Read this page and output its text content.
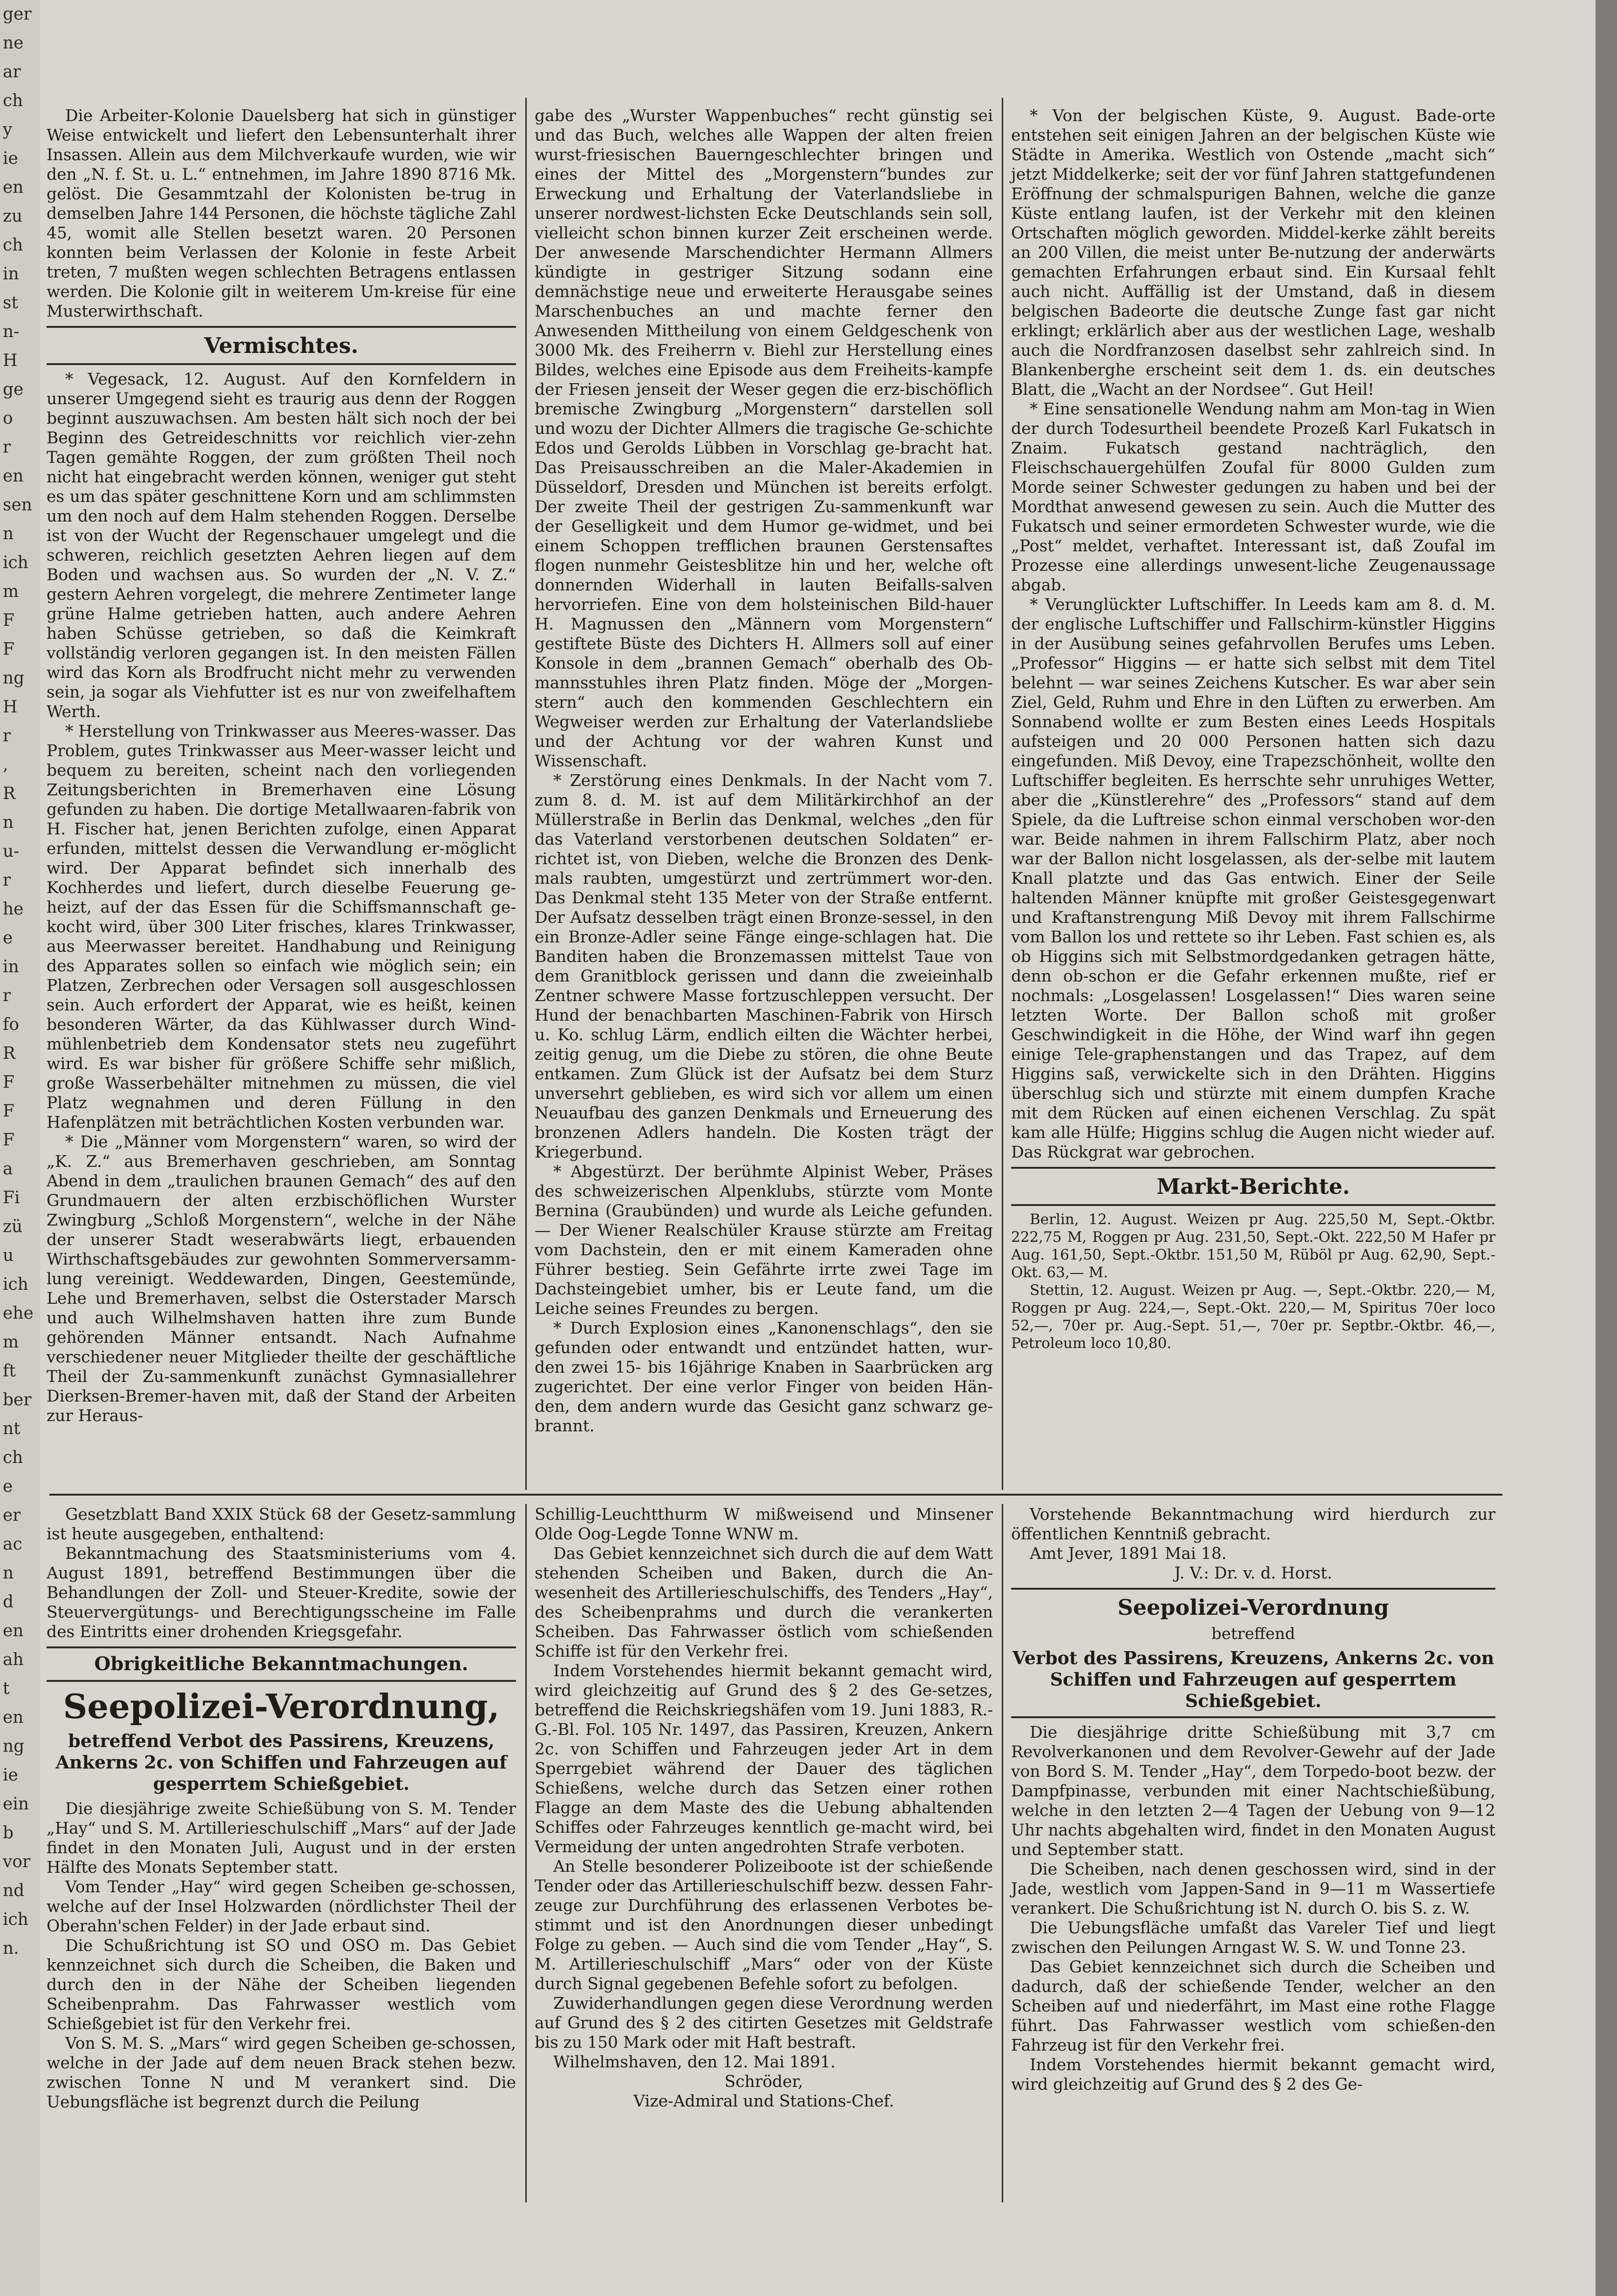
ger
ne
ar
ch
y
ie
en
zu
ch
in
st
n-
H
ge
o
r
en
sen
n
ich
m
F
F
ng
H
r
,
R
n
u-
r
he
e
in
r
fo
R
F
F
F
a
Fi
zü
u
ich
ehe
m
ft
ber
nt
ch
e
er
ac
n
d
en
ah
t
en
ng
ie
ein
b
vor
nd
ich
n.

Die Arbeiter-Kolonie Dauelsberg hat sich in günstiger Weise entwickelt und liefert den Lebensunterhalt ihrer Insassen. Allein aus dem Milchverkaufe wurden, wie wir den „N. f. St. u. L.“ entnehmen, im Jahre 1890 8716 Mk. gelöst. Die Gesammtzahl der Kolonisten be-trug in demselben Jahre 144 Personen, die höchste tägliche Zahl 45, womit alle Stellen besetzt waren. 20 Personen konnten beim Verlassen der Kolonie in feste Arbeit treten, 7 mußten wegen schlechten Betragens entlassen werden. Die Kolonie gilt in weiterem Um-kreise für eine Musterwirthschaft.

Vermischtes.

* Vegesack, 12. August. Auf den Kornfeldern in unserer Umgegend sieht es traurig aus denn der Roggen beginnt auszuwachsen. Am besten hält sich noch der bei Beginn des Getreideschnitts vor reichlich vier-zehn Tagen gemähte Roggen, der zum größten Theil noch nicht hat eingebracht werden können, weniger gut steht es um das später geschnittene Korn und am schlimmsten um den noch auf dem Halm stehenden Roggen. Derselbe ist von der Wucht der Regenschauer umgelegt und die schweren, reichlich gesetzten Aehren liegen auf dem Boden und wachsen aus. So wurden der „N. V. Z.“ gestern Aehren vorgelegt, die mehrere Zentimeter lange grüne Halme getrieben hatten, auch andere Aehren haben Schüsse getrieben, so daß die Keimkraft vollständig verloren gegangen ist. In den meisten Fällen wird das Korn als Brodfrucht nicht mehr zu verwenden sein, ja sogar als Viehfutter ist es nur von zweifelhaftem Werth.

* Herstellung von Trinkwasser aus Meeres-wasser. Das Problem, gutes Trinkwasser aus Meer-wasser leicht und bequem zu bereiten, scheint nach den vorliegenden Zeitungsberichten in Bremerhaven eine Lösung gefunden zu haben. Die dortige Metallwaaren-fabrik von H. Fischer hat, jenen Berichten zufolge, einen Apparat erfunden, mittelst dessen die Verwandlung er-möglicht wird. Der Apparat befindet sich innerhalb des Kochherdes und liefert, durch dieselbe Feuerung ge-heizt, auf der das Essen für die Schiffsmannschaft ge-kocht wird, über 300 Liter frisches, klares Trinkwasser, aus Meerwasser bereitet. Handhabung und Reinigung des Apparates sollen so einfach wie möglich sein; ein Platzen, Zerbrechen oder Versagen soll ausgeschlossen sein. Auch erfordert der Apparat, wie es heißt, keinen besonderen Wärter, da das Kühlwasser durch Wind-mühlenbetrieb dem Kondensator stets neu zugeführt wird. Es war bisher für größere Schiffe sehr mißlich, große Wasserbehälter mitnehmen zu müssen, die viel Platz wegnahmen und deren Füllung in den Hafenplätzen mit beträchtlichen Kosten verbunden war.

* Die „Männer vom Morgenstern“ waren, so wird der „K. Z.“ aus Bremerhaven geschrieben, am Sonntag Abend in dem „traulichen braunen Gemach“ des auf den Grundmauern der alten erzbischöflichen Wurster Zwingburg „Schloß Morgenstern“, welche in der Nähe der unserer Stadt weserabwärts liegt, erbauenden Wirthschaftsgebäudes zur gewohnten Sommerversamm-lung vereinigt. Weddewarden, Dingen, Geestemünde, Lehe und Bremerhaven, selbst die Osterstader Marsch und auch Wilhelmshaven hatten ihre zum Bunde gehörenden Männer entsandt. Nach Aufnahme verschiedener neuer Mitglieder theilte der geschäftliche Theil der Zu-sammenkunft zunächst Gymnasiallehrer Dierksen-Bremer-haven mit, daß der Stand der Arbeiten zur Heraus-

gabe des „Wurster Wappenbuches“ recht günstig sei und das Buch, welches alle Wappen der alten freien wurst-friesischen Bauerngeschlechter bringen und eines der Mittel des „Morgenstern“bundes zur Erweckung und Erhaltung der Vaterlandsliebe in unserer nordwest-lichsten Ecke Deutschlands sein soll, vielleicht schon binnen kurzer Zeit erscheinen werde. Der anwesende Marschendichter Hermann Allmers kündigte in gestriger Sitzung sodann eine demnächstige neue und erweiterte Herausgabe seines Marschenbuches an und machte ferner den Anwesenden Mittheilung von einem Geldgeschenk von 3000 Mk. des Freiherrn v. Biehl zur Herstellung eines Bildes, welches eine Episode aus dem Freiheits-kampfe der Friesen jenseit der Weser gegen die erz-bischöflich bremische Zwingburg „Morgenstern“ darstellen soll und wozu der Dichter Allmers die tragische Ge-schichte Edos und Gerolds Lübben in Vorschlag ge-bracht hat. Das Preisausschreiben an die Maler-Akademien in Düsseldorf, Dresden und München ist bereits erfolgt. Der zweite Theil der gestrigen Zu-sammenkunft war der Geselligkeit und dem Humor ge-widmet, und bei einem Schoppen trefflichen braunen Gerstensaftes flogen nunmehr Geistesblitze hin und her, welche oft donnernden Widerhall in lauten Beifalls-salven hervorriefen. Eine von dem holsteinischen Bild-hauer H. Magnussen den „Männern vom Morgenstern“ gestiftete Büste des Dichters H. Allmers soll auf einer Konsole in dem „brannen Gemach“ oberhalb des Ob-mannsstuhles ihren Platz finden. Möge der „Morgen-stern“ auch den kommenden Geschlechtern ein Wegweiser werden zur Erhaltung der Vaterlandsliebe und der Achtung vor der wahren Kunst und Wissenschaft.

* Zerstörung eines Denkmals. In der Nacht vom 7. zum 8. d. M. ist auf dem Militärkirchhof an der Müllerstraße in Berlin das Denkmal, welches „den für das Vaterland verstorbenen deutschen Soldaten“ er-richtet ist, von Dieben, welche die Bronzen des Denk-mals raubten, umgestürzt und zertrümmert wor-den. Das Denkmal steht 135 Meter von der Straße entfernt. Der Aufsatz desselben trägt einen Bronze-sessel, in den ein Bronze-Adler seine Fänge einge-schlagen hat. Die Banditen haben die Bronzemassen mittelst Taue von dem Granitblock gerissen und dann die zweieinhalb Zentner schwere Masse fortzuschleppen versucht. Der Hund der benachbarten Maschinen-Fabrik von Hirsch u. Ko. schlug Lärm, endlich eilten die Wächter herbei, zeitig genug, um die Diebe zu stören, die ohne Beute entkamen. Zum Glück ist der Aufsatz bei dem Sturz unversehrt geblieben, es wird sich vor allem um einen Neuaufbau des ganzen Denkmals und Erneuerung des bronzenen Adlers handeln. Die Kosten trägt der Kriegerbund.

* Abgestürzt. Der berühmte Alpinist Weber, Präses des schweizerischen Alpenklubs, stürzte vom Monte Bernina (Graubünden) und wurde als Leiche gefunden. — Der Wiener Realschüler Krause stürzte am Freitag vom Dachstein, den er mit einem Kameraden ohne Führer bestieg. Sein Gefährte irrte zwei Tage im Dachsteingebiet umher, bis er Leute fand, um die Leiche seines Freundes zu bergen.

* Durch Explosion eines „Kanonenschlags“, den sie gefunden oder entwandt und entzündet hatten, wur-den zwei 15- bis 16jährige Knaben in Saarbrücken arg zugerichtet. Der eine verlor Finger von beiden Hän-den, dem andern wurde das Gesicht ganz schwarz ge-brannt.

* Von der belgischen Küste, 9. August. Bade-orte entstehen seit einigen Jahren an der belgischen Küste wie Städte in Amerika. Westlich von Ostende „macht sich“ jetzt Middelkerke; seit der vor fünf Jahren stattgefundenen Eröffnung der schmalspurigen Bahnen, welche die ganze Küste entlang laufen, ist der Verkehr mit den kleinen Ortschaften möglich geworden. Middel-kerke zählt bereits an 200 Villen, die meist unter Be-nutzung der anderwärts gemachten Erfahrungen erbaut sind. Ein Kursaal fehlt auch nicht. Auffällig ist der Umstand, daß in diesem belgischen Badeorte die deutsche Zunge fast gar nicht erklingt; erklärlich aber aus der westlichen Lage, weshalb auch die Nordfranzosen daselbst sehr zahlreich sind. In Blankenberghe erscheint seit dem 1. ds. ein deutsches Blatt, die „Wacht an der Nordsee“. Gut Heil!

* Eine sensationelle Wendung nahm am Mon-tag in Wien der durch Todesurtheil beendete Prozeß Karl Fukatsch in Znaim. Fukatsch gestand nachträglich, den Fleischschauergehülfen Zoufal für 8000 Gulden zum Morde seiner Schwester gedungen zu haben und bei der Mordthat anwesend gewesen zu sein. Auch die Mutter des Fukatsch und seiner ermordeten Schwester wurde, wie die „Post“ meldet, verhaftet. Interessant ist, daß Zoufal im Prozesse eine allerdings unwesent-liche Zeugenaussage abgab.

* Verunglückter Luftschiffer. In Leeds kam am 8. d. M. der englische Luftschiffer und Fallschirm-künstler Higgins in der Ausübung seines gefahrvollen Berufes ums Leben. „Professor“ Higgins — er hatte sich selbst mit dem Titel belehnt — war seines Zeichens Kutscher. Es war aber sein Ziel, Geld, Ruhm und Ehre in den Lüften zu erwerben. Am Sonnabend wollte er zum Besten eines Leeds Hospitals aufsteigen und 20 000 Personen hatten sich dazu eingefunden. Miß Devoy, eine Trapezschönheit, wollte den Luftschiffer begleiten. Es herrschte sehr unruhiges Wetter, aber die „Künstlerehre“ des „Professors“ stand auf dem Spiele, da die Luftreise schon einmal verschoben wor-den war. Beide nahmen in ihrem Fallschirm Platz, aber noch war der Ballon nicht losgelassen, als der-selbe mit lautem Knall platzte und das Gas entwich. Einer der Seile haltenden Männer knüpfte mit großer Geistesgegenwart und Kraftanstrengung Miß Devoy mit ihrem Fallschirme vom Ballon los und rettete so ihr Leben. Fast schien es, als ob Higgins sich mit Selbstmordgedanken getragen hätte, denn ob-schon er die Gefahr erkennen mußte, rief er nochmals: „Losgelassen! Losgelassen!“ Dies waren seine letzten Worte. Der Ballon schoß mit großer Geschwindigkeit in die Höhe, der Wind warf ihn gegen einige Tele-graphenstangen und das Trapez, auf dem Higgins saß, verwickelte sich in den Drähten. Higgins überschlug sich und stürzte mit einem dumpfen Krache mit dem Rücken auf einen eichenen Verschlag. Zu spät kam alle Hülfe; Higgins schlug die Augen nicht wieder auf. Das Rückgrat war gebrochen.

Markt-Berichte.

Berlin, 12. August. Weizen pr Aug. 225,50 M, Sept.-Oktbr. 222,75 M, Roggen pr Aug. 231,50, Sept.-Okt. 222,50 M Hafer pr Aug. 161,50, Sept.-Oktbr. 151,50 M, Rüböl pr Aug. 62,90, Sept.-Okt. 63,— M.

Stettin, 12. August. Weizen pr Aug. —, Sept.-Oktbr. 220,— M, Roggen pr Aug. 224,—, Sept.-Okt. 220,— M, Spiritus 70er loco 52,—, 70er pr. Aug.-Sept. 51,—, 70er pr. Septbr.-Oktbr. 46,—, Petroleum loco 10,80.

Gesetzblatt Band XXIX Stück 68 der Gesetz-sammlung ist heute ausgegeben, enthaltend:

Bekanntmachung des Staatsministeriums vom 4. August 1891, betreffend Bestimmungen über die Behandlungen der Zoll- und Steuer-Kredite, sowie der Steuervergütungs- und Berechtigungsscheine im Falle des Eintritts einer drohenden Kriegsgefahr.

Obrigkeitliche Bekanntmachungen.
Seepolizei-Verordnung,
betreffend Verbot des Passirens, Kreuzens, Ankerns 2c. von Schiffen und Fahrzeugen auf gesperrtem Schießgebiet.

Die diesjährige zweite Schießübung von S. M. Tender „Hay“ und S. M. Artillerieschulschiff „Mars“ auf der Jade findet in den Monaten Juli, August und in der ersten Hälfte des Monats September statt.

Vom Tender „Hay“ wird gegen Scheiben ge-schossen, welche auf der Insel Holzwarden (nördlichster Theil der Oberahn'schen Felder) in der Jade erbaut sind.

Die Schußrichtung ist SO und OSO m. Das Gebiet kennzeichnet sich durch die Scheiben, die Baken und durch den in der Nähe der Scheiben liegenden Scheibenprahm. Das Fahrwasser westlich vom Schießgebiet ist für den Verkehr frei.

Von S. M. S. „Mars“ wird gegen Scheiben ge-schossen, welche in der Jade auf dem neuen Brack stehen bezw. zwischen Tonne N und M verankert sind. Die Uebungsfläche ist begrenzt durch die Peilung

Schillig-Leuchtthurm W mißweisend und Minsener Olde Oog-Legde Tonne WNW m.

Das Gebiet kennzeichnet sich durch die auf dem Watt stehenden Scheiben und Baken, durch die An-wesenheit des Artillerieschulschiffs, des Tenders „Hay“, des Scheibenprahms und durch die verankerten Scheiben. Das Fahrwasser östlich vom schießenden Schiffe ist für den Verkehr frei.

Indem Vorstehendes hiermit bekannt gemacht wird, wird gleichzeitig auf Grund des § 2 des Ge-setzes, betreffend die Reichskriegshäfen vom 19. Juni 1883, R.-G.-Bl. Fol. 105 Nr. 1497, das Passiren, Kreuzen, Ankern 2c. von Schiffen und Fahrzeugen jeder Art in dem Sperrgebiet während der Dauer des täglichen Schießens, welche durch das Setzen einer rothen Flagge an dem Maste des die Uebung abhaltenden Schiffes oder Fahrzeuges kenntlich ge-macht wird, bei Vermeidung der unten angedrohten Strafe verboten.

An Stelle besonderer Polizeiboote ist der schießende Tender oder das Artillerieschulschiff bezw. dessen Fahr-zeuge zur Durchführung des erlassenen Verbotes be-stimmt und ist den Anordnungen dieser unbedingt Folge zu geben. — Auch sind die vom Tender „Hay“, S. M. Artillerieschulschiff „Mars“ oder von der Küste durch Signal gegebenen Befehle sofort zu befolgen.

Zuwiderhandlungen gegen diese Verordnung werden auf Grund des § 2 des citirten Gesetzes mit Geldstrafe bis zu 150 Mark oder mit Haft bestraft.

Wilhelmshaven, den 12. Mai 1891.

Schröder,
Vize-Admiral und Stations-Chef.

Vorstehende Bekanntmachung wird hierdurch zur öffentlichen Kenntniß gebracht.

Amt Jever, 1891 Mai 18.

J. V.: Dr. v. d. Horst.
Seepolizei-Verordnung
betreffend
Verbot des Passirens, Kreuzens, Ankerns 2c. von Schiffen und Fahrzeugen auf gesperrtem Schießgebiet.

Die diesjährige dritte Schießübung mit 3,7 cm Revolverkanonen und dem Revolver-Gewehr auf der Jade von Bord S. M. Tender „Hay“, dem Torpedo-boot bezw. der Dampfpinasse, verbunden mit einer Nachtschießübung, welche in den letzten 2—4 Tagen der Uebung von 9—12 Uhr nachts abgehalten wird, findet in den Monaten August und September statt.

Die Scheiben, nach denen geschossen wird, sind in der Jade, westlich vom Jappen-Sand in 9—11 m Wassertiefe verankert. Die Schußrichtung ist N. durch O. bis S. z. W.

Die Uebungsfläche umfaßt das Vareler Tief und liegt zwischen den Peilungen Arngast W. S. W. und Tonne 23.

Das Gebiet kennzeichnet sich durch die Scheiben und dadurch, daß der schießende Tender, welcher an den Scheiben auf und niederfährt, im Mast eine rothe Flagge führt. Das Fahrwasser westlich vom schießen-den Fahrzeug ist für den Verkehr frei.

Indem Vorstehendes hiermit bekannt gemacht wird, wird gleichzeitig auf Grund des § 2 des Ge-
